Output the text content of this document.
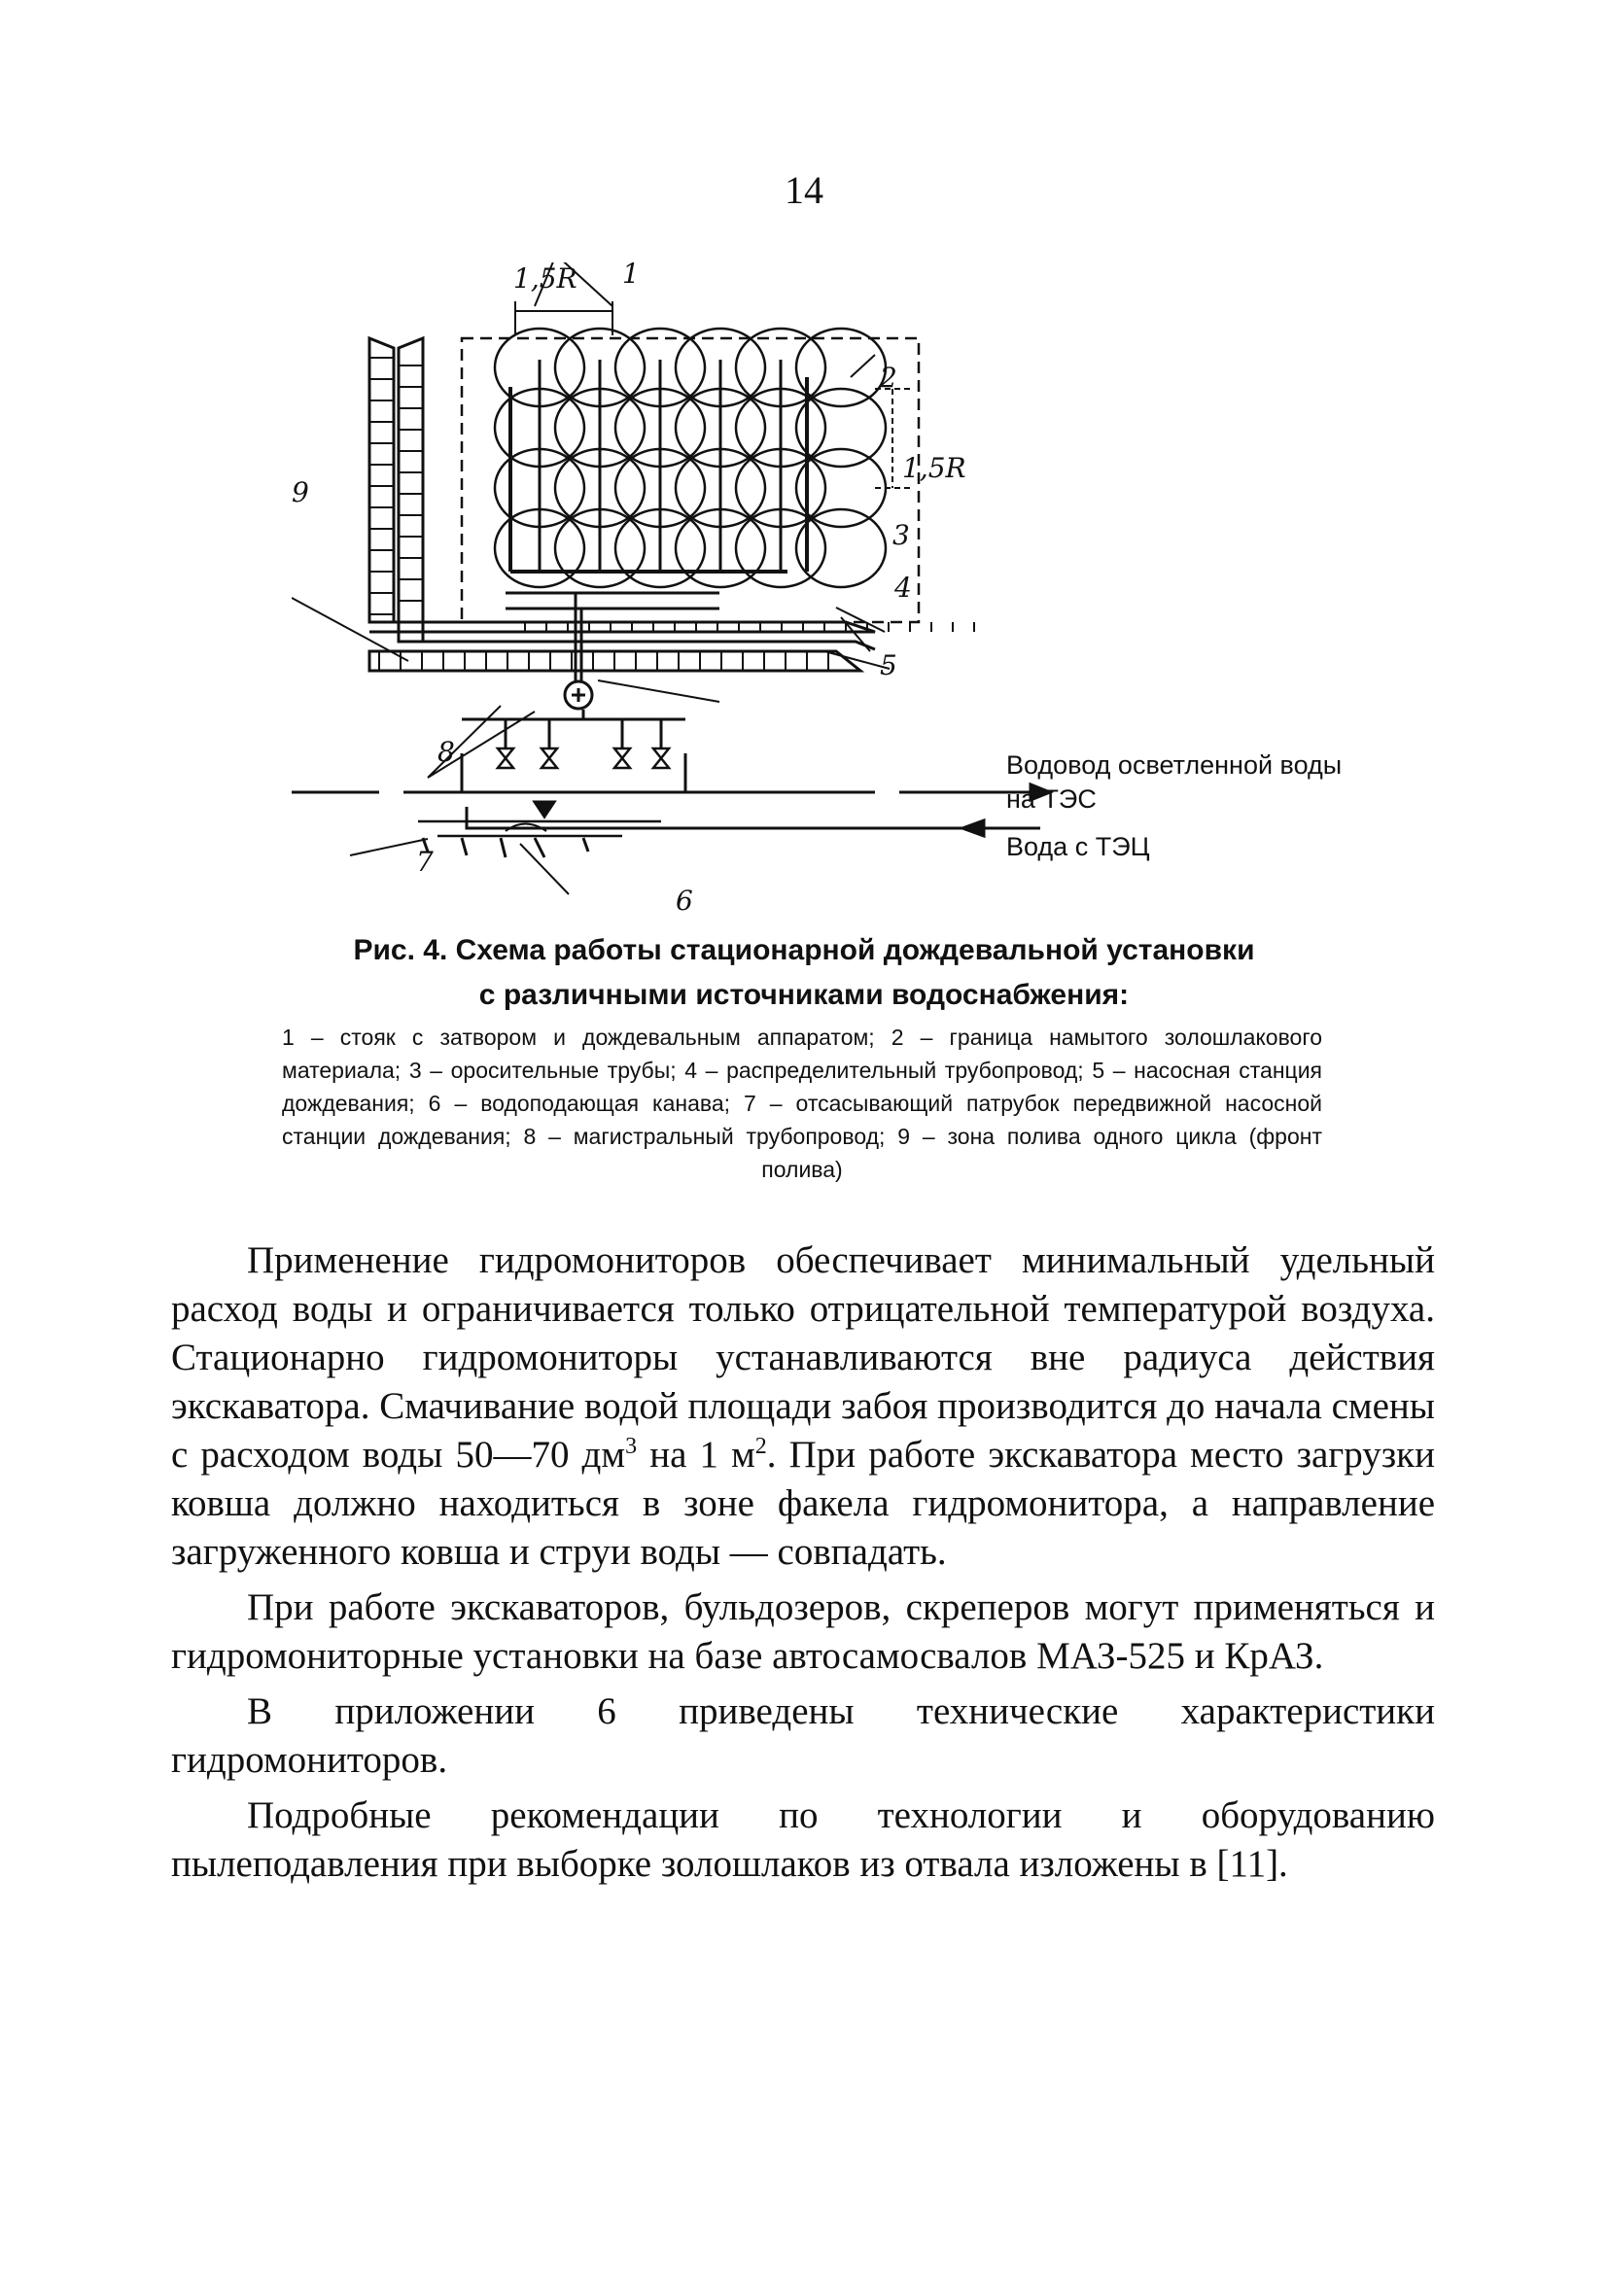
14
1,5R 1
2
1,5R
3
4
9
5
8
7
6
Водовод осветленной воды
на ТЭС
Вода с ТЭЦ
Рис. 4. Схема работы стационарной дождевальной установки
с различными источниками водоснабжения:
1 – стояк с затвором и дождевальным аппаратом; 2 – граница намытого золошлакового материала; 3 – оросительные трубы; 4 – распределительный трубопровод; 5 – насосная станция дождевания; 6 – водоподающая канава; 7 – отсасывающий патрубок передвижной насосной станции дождевания; 8 – магистральный трубопровод; 9 – зона полива одного цикла (фронт полива)

Применение гидромониторов обеспечивает минимальный удельный расход воды и ограничивается только отрицательной температурой воздуха. Стационарно гидромониторы устанавливаются вне радиуса действия экскаватора. Смачивание водой площади забоя производится до начала смены с расходом воды 50—70 $дм^3$ на 1 $м^2$. При работе экскаватора место загрузки ковша должно находиться в зоне факела гидромонитора, а направление загруженного ковша и струи воды — совпадать.

При работе экскаваторов, бульдозеров, скреперов могут применяться и гидромониторные установки на базе автосамосвалов МАЗ-525 и КрАЗ.

В приложении 6 приведены технические характеристики гидромониторов.

Подробные рекомендации по технологии и оборудованию пылеподавления при выборке золошлаков из отвала изложены в [11].
